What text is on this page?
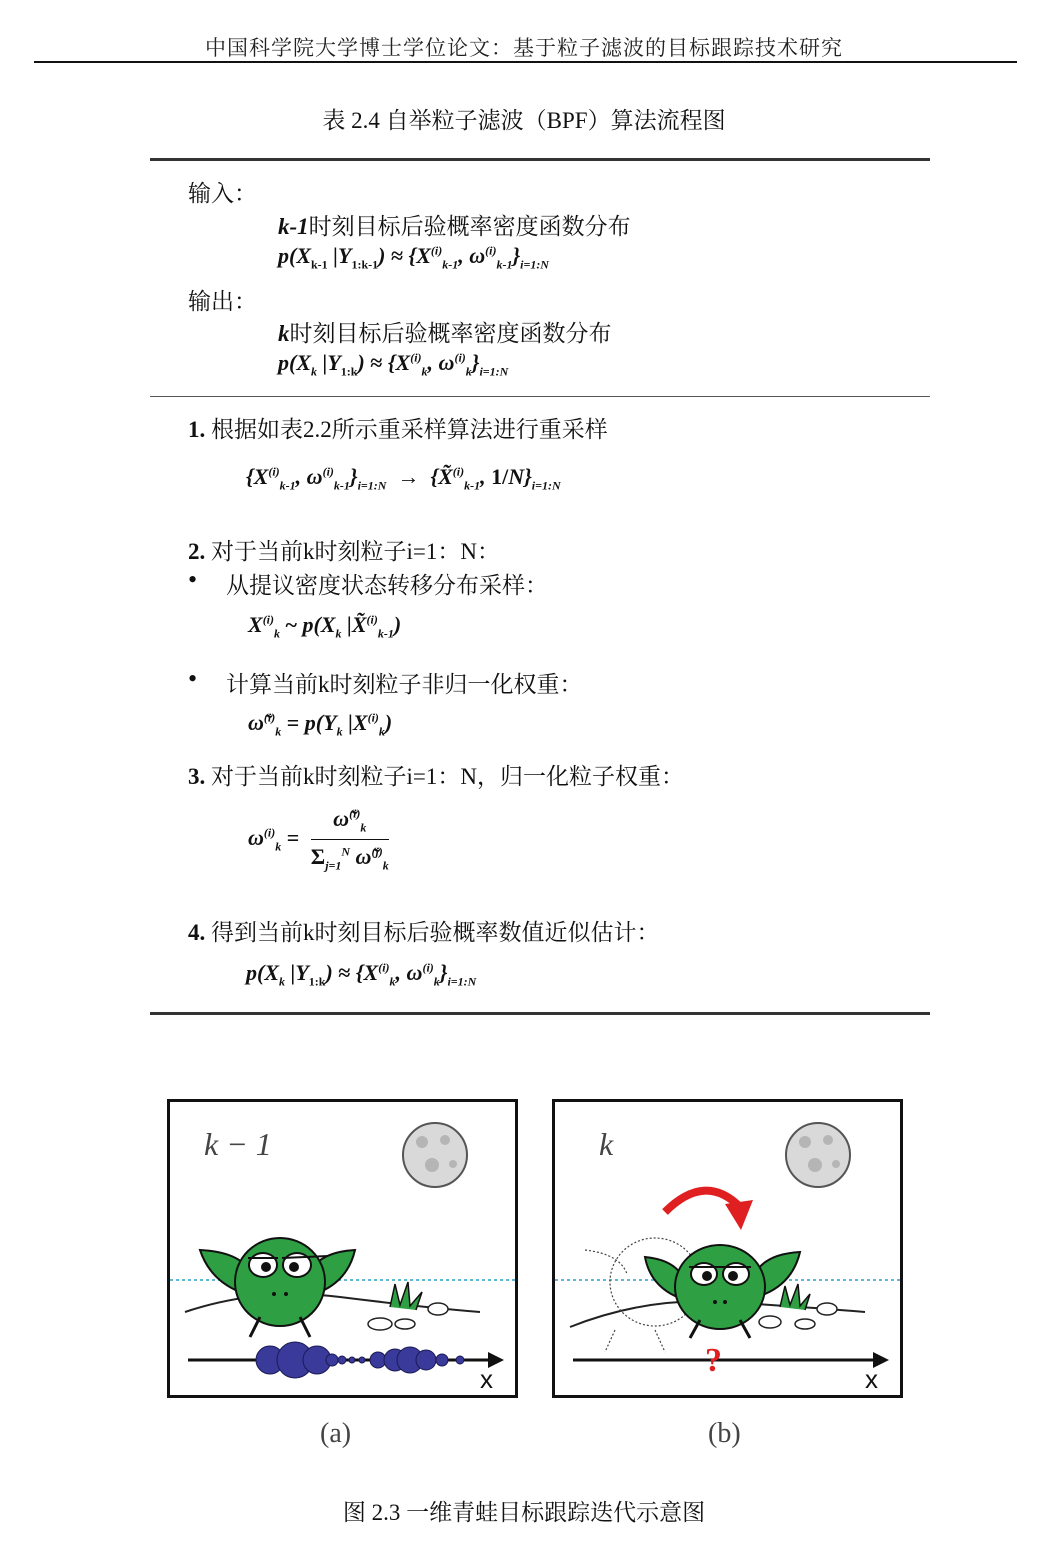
中国科学院大学博士学位论文：基于粒子滤波的目标跟踪技术研究
表 2.4 自举粒子滤波（BPF）算法流程图
输入：
k-1时刻目标后验概率密度函数分布
$p(X_{k-1}$ $|Y_{1:k-1}) \approx \{X^{(i)}_{k-1}$, $\omega^{(i)}_{k-1}\}_{i=1:N}$
输出：
k时刻目标后验概率密度函数分布
$p(X_k$ $|Y_{1:k}) \approx \{X^{(i)}_k$, $\omega^{(i)}_k\}_{i=1:N}$
1. 根据如表2.2所示重采样算法进行重采样
{$X^{(i)}_{k-1}$, $\omega^{(i)}_{k-1}\}_{i=1:N}$ →  {X̃$^{(i)}_{k-1}$, $1/N\}_{i=1:N}$
2. 对于当前k时刻粒子i=1：N：
• 从提议密度状态转移分布采样：
$X^{(i)}_k$ ~ $p(X_k$ |X̃$^{(i)}_{k-1}$)
• 计算当前k时刻粒子非归一化权重：
ω̃$^{(i)}_k$ = $p(Y_k$ $|X^{(i)}_k$)
3. 对于当前k时刻粒子i=1：N，归一化粒子权重：
$\omega^{(i)}_k = \frac{\omegã^{(i)}_k}{\Sigma_{j=1}^N \omegã^{(j)}_k}$
4. 得到当前k时刻目标后验概率数值近似估计：
$p(X_k$ $|Y_{1:k}) \approx \{X^{(i)}_k$, $\omega^{(i)}_k\}_{i=1:N}$
k − 1
x
k
?	x
(a)	(b)
图 2.3 一维青蛙目标跟踪迭代示意图
